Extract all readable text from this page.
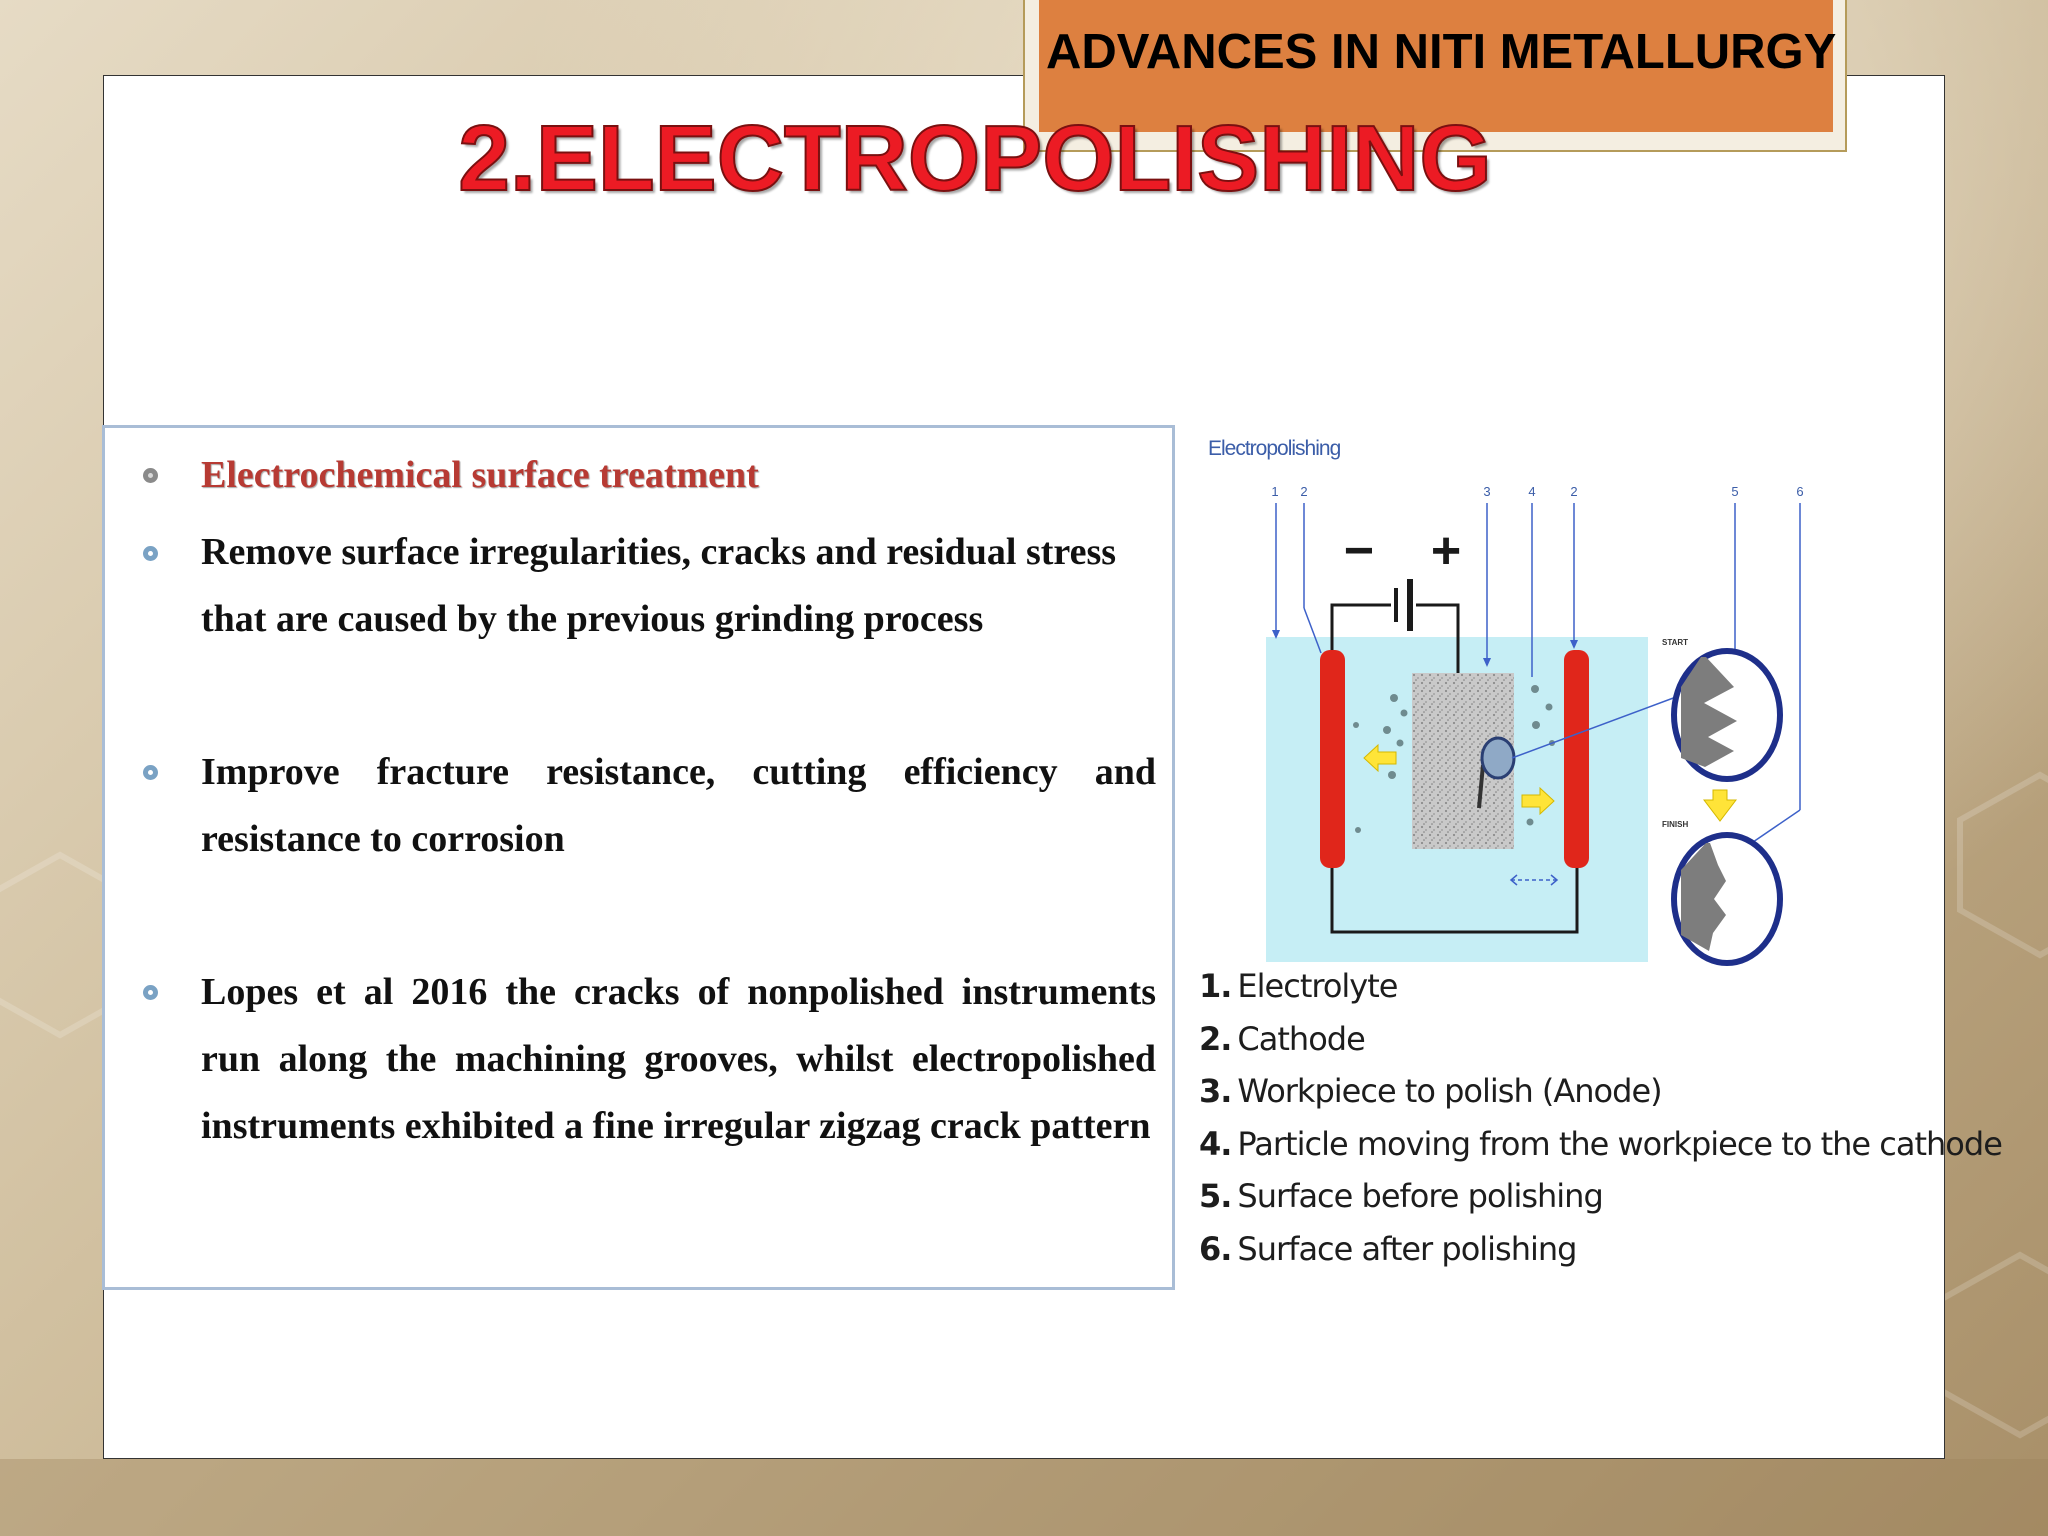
ADVANCES IN NITI METALLURGY
2.ELECTROPOLISHING

Electrochemical surface treatment

Remove surface irregularities, cracks and residual stress that are caused by the previous grinding process

Improve fracture resistance, cutting efficiency and resistance to corrosion

Lopes et al 2016 the cracks of nonpolished instruments run along the machining grooves, whilst electropolished instruments exhibited a fine irregular zigzag crack pattern

Electropolishing
1 2	3	4	2	5	6
− +
START
FINISH
1. Electrolyte
2. Cathode
3. Workpiece to polish (Anode)
4. Particle moving from the workpiece to the cathode
5. Surface before polishing
6. Surface after polishing
